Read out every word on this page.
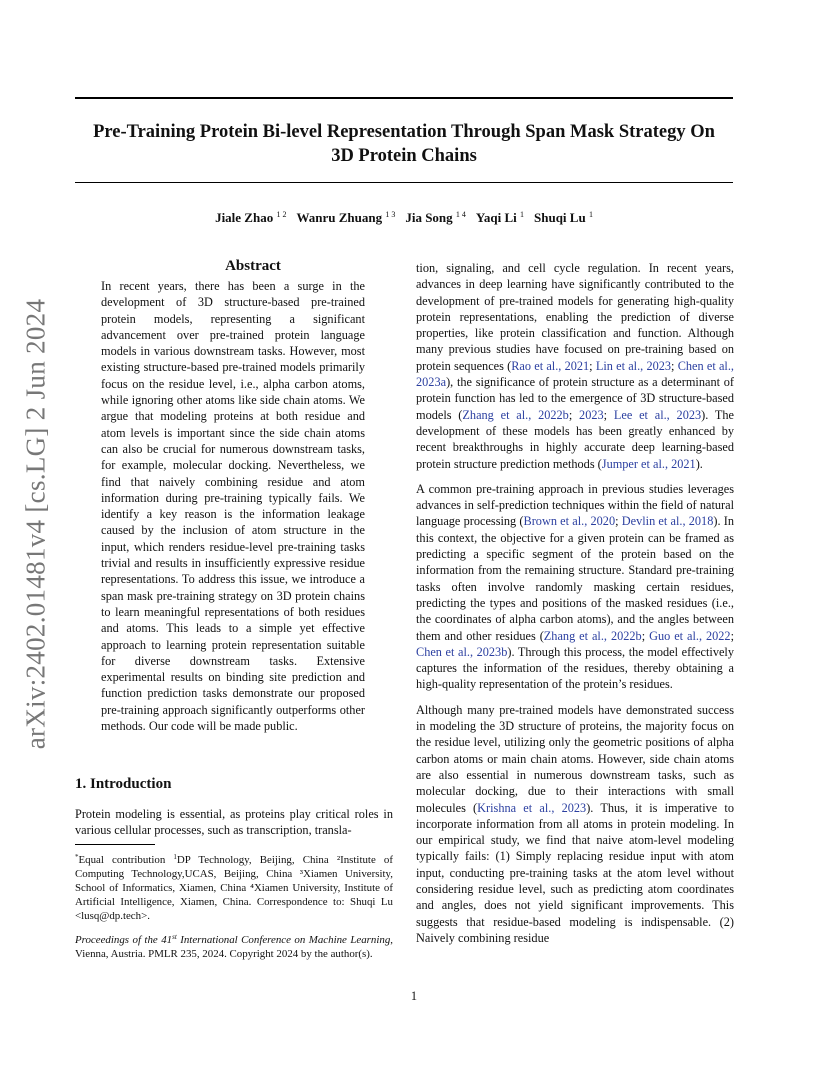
Pre-Training Protein Bi-level Representation Through Span Mask Strategy On
3D Protein Chains
Jiale Zhao $^{1 2}$ Wanru Zhuang $^{1 3}$ Jia Song $^{1 4}$ Yaqi Li $^1$ Shuqi Lu $^1$
arXiv:2402.01481v4 [cs.LG] 2 Jun 2024
Abstract

In recent years, there has been a surge in the development of 3D structure-based pre-trained protein models, representing a significant advancement over pre-trained protein language models in various downstream tasks. However, most existing structure-based pre-trained models primarily focus on the residue level, i.e., alpha carbon atoms, while ignoring other atoms like side chain atoms. We argue that modeling proteins at both residue and atom levels is important since the side chain atoms can also be crucial for numerous downstream tasks, for example, molecular docking. Nevertheless, we find that naively combining residue and atom information during pre-training typically fails. We identify a key reason is the information leakage caused by the inclusion of atom structure in the input, which renders residue-level pre-training tasks trivial and results in insufficiently expressive residue representations. To address this issue, we introduce a span mask pre-training strategy on 3D protein chains to learn meaningful representations of both residues and atoms. This leads to a simple yet effective approach to learning protein representation suitable for diverse downstream tasks. Extensive experimental results on binding site prediction and function prediction tasks demonstrate our proposed pre-training approach significantly outperforms other methods. Our code will be made public.

1. Introduction

Protein modeling is essential, as proteins play critical roles in various cellular processes, such as transcription, transla-

*Equal contribution $^1$DP Technology, Beijing, China ²Institute of Computing Technology,UCAS, Beijing, China ³Xiamen University, School of Informatics, Xiamen, China ⁴Xiamen University, Institute of Artificial Intelligence, Xiamen, China. Correspondence to: Shuqi Lu <lusq@dp.tech>.
Proceedings of the 41st International Conference on Machine Learning, Vienna, Austria. PMLR 235, 2024. Copyright 2024 by the author(s).

tion, signaling, and cell cycle regulation. In recent years, advances in deep learning have significantly contributed to the development of pre-trained models for generating high-quality protein representations, enabling the prediction of diverse properties, like protein classification and function. Although many previous studies have focused on pre-training based on protein sequences (Rao et al., 2021; Lin et al., 2023; Chen et al., 2023a), the significance of protein structure as a determinant of protein function has led to the emergence of 3D structure-based models (Zhang et al., 2022b; 2023; Lee et al., 2023). The development of these models has been greatly enhanced by recent breakthroughs in highly accurate deep learning-based protein structure prediction methods (Jumper et al., 2021).

A common pre-training approach in previous studies leverages advances in self-prediction techniques within the field of natural language processing (Brown et al., 2020; Devlin et al., 2018). In this context, the objective for a given protein can be framed as predicting a specific segment of the protein based on the information from the remaining structure. Standard pre-training tasks often involve randomly masking certain residues, predicting the types and positions of the masked residues (i.e., the coordinates of alpha carbon atoms), and the angles between them and other residues (Zhang et al., 2022b; Guo et al., 2022; Chen et al., 2023b). Through this process, the model effectively captures the information of the residues, thereby obtaining a high-quality representation of the protein’s residues.

Although many pre-trained models have demonstrated success in modeling the 3D structure of proteins, the majority focus on the residue level, utilizing only the geometric positions of alpha carbon atoms or main chain atoms. However, side chain atoms are also essential in numerous downstream tasks, such as molecular docking, due to their interactions with small molecules (Krishna et al., 2023). Thus, it is imperative to incorporate information from all atoms in protein modeling. In our empirical study, we find that naive atom-level modeling typically fails: (1) Simply replacing residue input with atom input, conducting pre-training tasks at the atom level without considering residue level, such as predicting atom coordinates and angles, does not yield significant improvements. This suggests that residue-based modeling is indispensable. (2) Naively combining residue

1
